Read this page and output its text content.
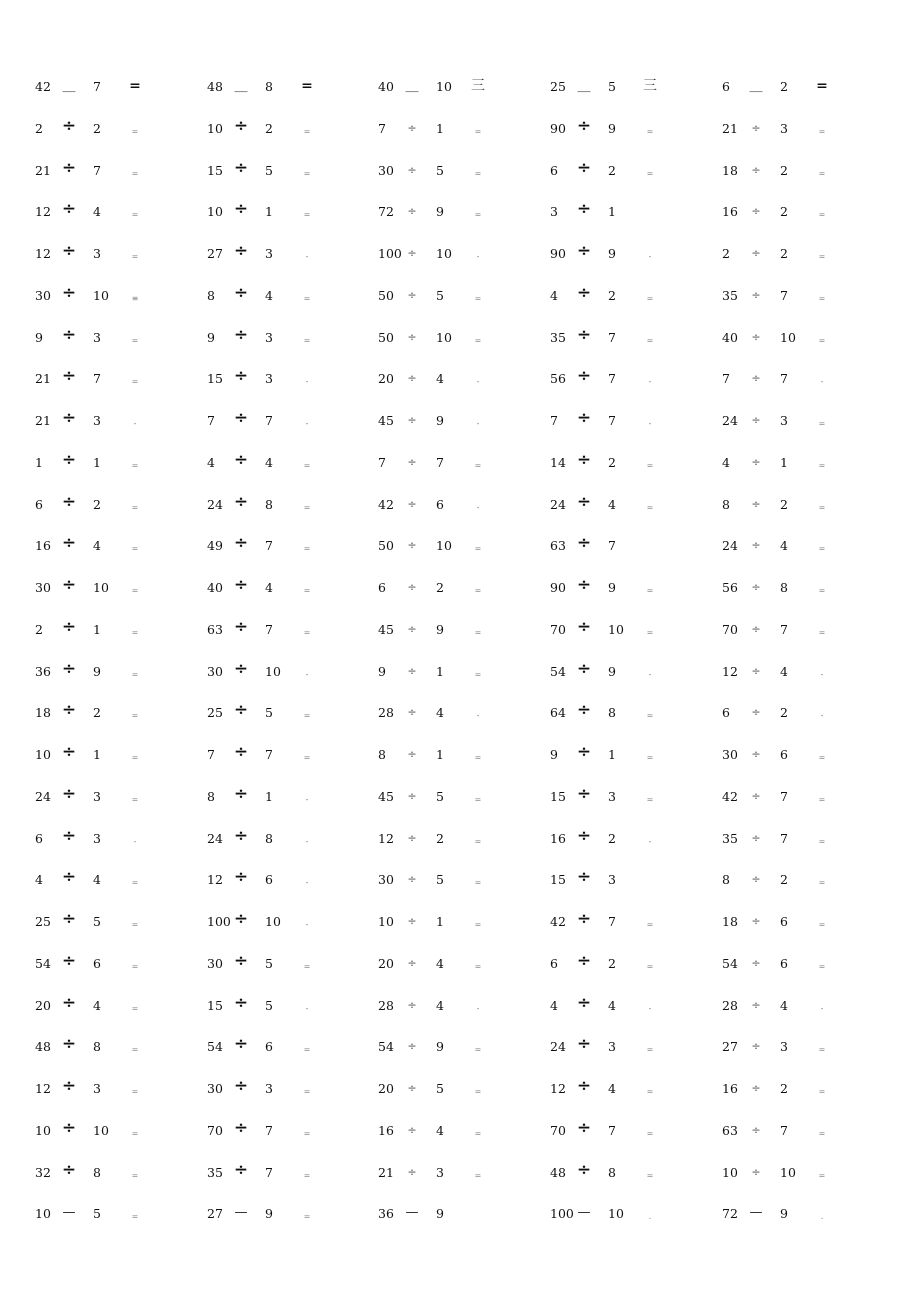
42 __ 7 =
2 ÷ 2	=
21 ÷ 7	=
12 ÷ 4	=
12 ÷ 3	=
30 ÷ 10	≡
9 ÷ 3	=
21 ÷ 7	=
21 ÷ 3	-
1 ÷ 1	=
6 ÷ 2	=
16 ÷ 4	=
30 ÷ 10	=
2 ÷ 1	=
36 ÷ 9	=
18 ÷ 2	=
10 ÷ 1	=
24 ÷ 3	=
6 ÷ 3	-
4 ÷ 4	=
25 ÷ 5	=
54 ÷ 6	=
20 ÷ 4	=
48 ÷ 8	=
12 ÷ 3	=
10 ÷ 10	=
32 ÷ 8	=
10 — 5	=
48 __ 8 =
10 ÷ 2	=
15 ÷ 5	=
10 ÷ 1	=
27 ÷ 3	-
8 ÷ 4	=
9 ÷ 3	=
15 ÷ 3	-
7 ÷ 7	-
4 ÷ 4	=
24 ÷ 8	=
49 ÷ 7	=
40 ÷ 4	=
63 ÷ 7	=
30 ÷ 10	-
25 ÷ 5	=
7 ÷ 7	=
8 ÷ 1	-
24 ÷ 8	-
12 ÷ 6	-
100 ÷ 10	-
30 ÷ 5	=
15 ÷ 5	-
54 ÷ 6	=
30 ÷ 3	=
70 ÷ 7	=
35 ÷ 7	=
27 — 9	=
40 __ 10 三
7	÷ 1	=
30	÷ 5	=
72	÷ 9	=
100 ÷ 10	-
50	÷ 5	=
50	÷ 10	=
20	÷ 4	-
45	÷ 9	-
7	÷ 7	=
42	÷ 6	-
50	÷ 10	=
6	÷ 2	=
45	÷ 9	=
9	÷ 1	=
28	÷ 4	-
8	÷ 1	=
45	÷ 5	=
12	÷ 2	=
30	÷ 5	=
10	÷ 1	=
20	÷ 4	=
28	÷ 4	-
54	÷ 9	=
20	÷ 5	=
16	÷ 4	=
21	÷ 3	=
36 — 9
25 __ 5 三
90 ÷ 9	=
6 ÷ 2	=
3 ÷ 1
90 ÷ 9	-
4 ÷ 2	=
35 ÷ 7	=
56 ÷ 7	-
7 ÷ 7	-
14 ÷ 2	=
24 ÷ 4	=
63 ÷ 7
90 ÷ 9	=
70 ÷ 10	=
54 ÷ 9	-
64 ÷ 8	=
9 ÷ 1	=
15 ÷ 3	=
16 ÷ 2	-
15 ÷ 3
42 ÷ 7	=
6 ÷ 2	=
4 ÷ 4	-
24 ÷ 3	=
12 ÷ 4	=
70 ÷ 7	=
48 ÷ 8	=
100 — 10	.
6 __ 2 =
21	÷ 3	=
18	÷ 2	=
16	÷ 2	=
2	÷ 2	=
35	÷ 7	=
40	÷ 10	=
7	÷ 7	-
24	÷ 3	=
4	÷ 1	=
8	÷ 2	=
24	÷ 4	=
56	÷ 8	=
70	÷ 7	=
12	÷ 4	-
6	÷ 2	-
30	÷ 6	=
42	÷ 7	=
35	÷ 7	=
8	÷ 2	=
18	÷ 6	=
54	÷ 6	=
28	÷ 4	-
27	÷ 3	=
16	÷ 2	=
63	÷ 7	=
10	÷ 10	=
72 — 9	.
